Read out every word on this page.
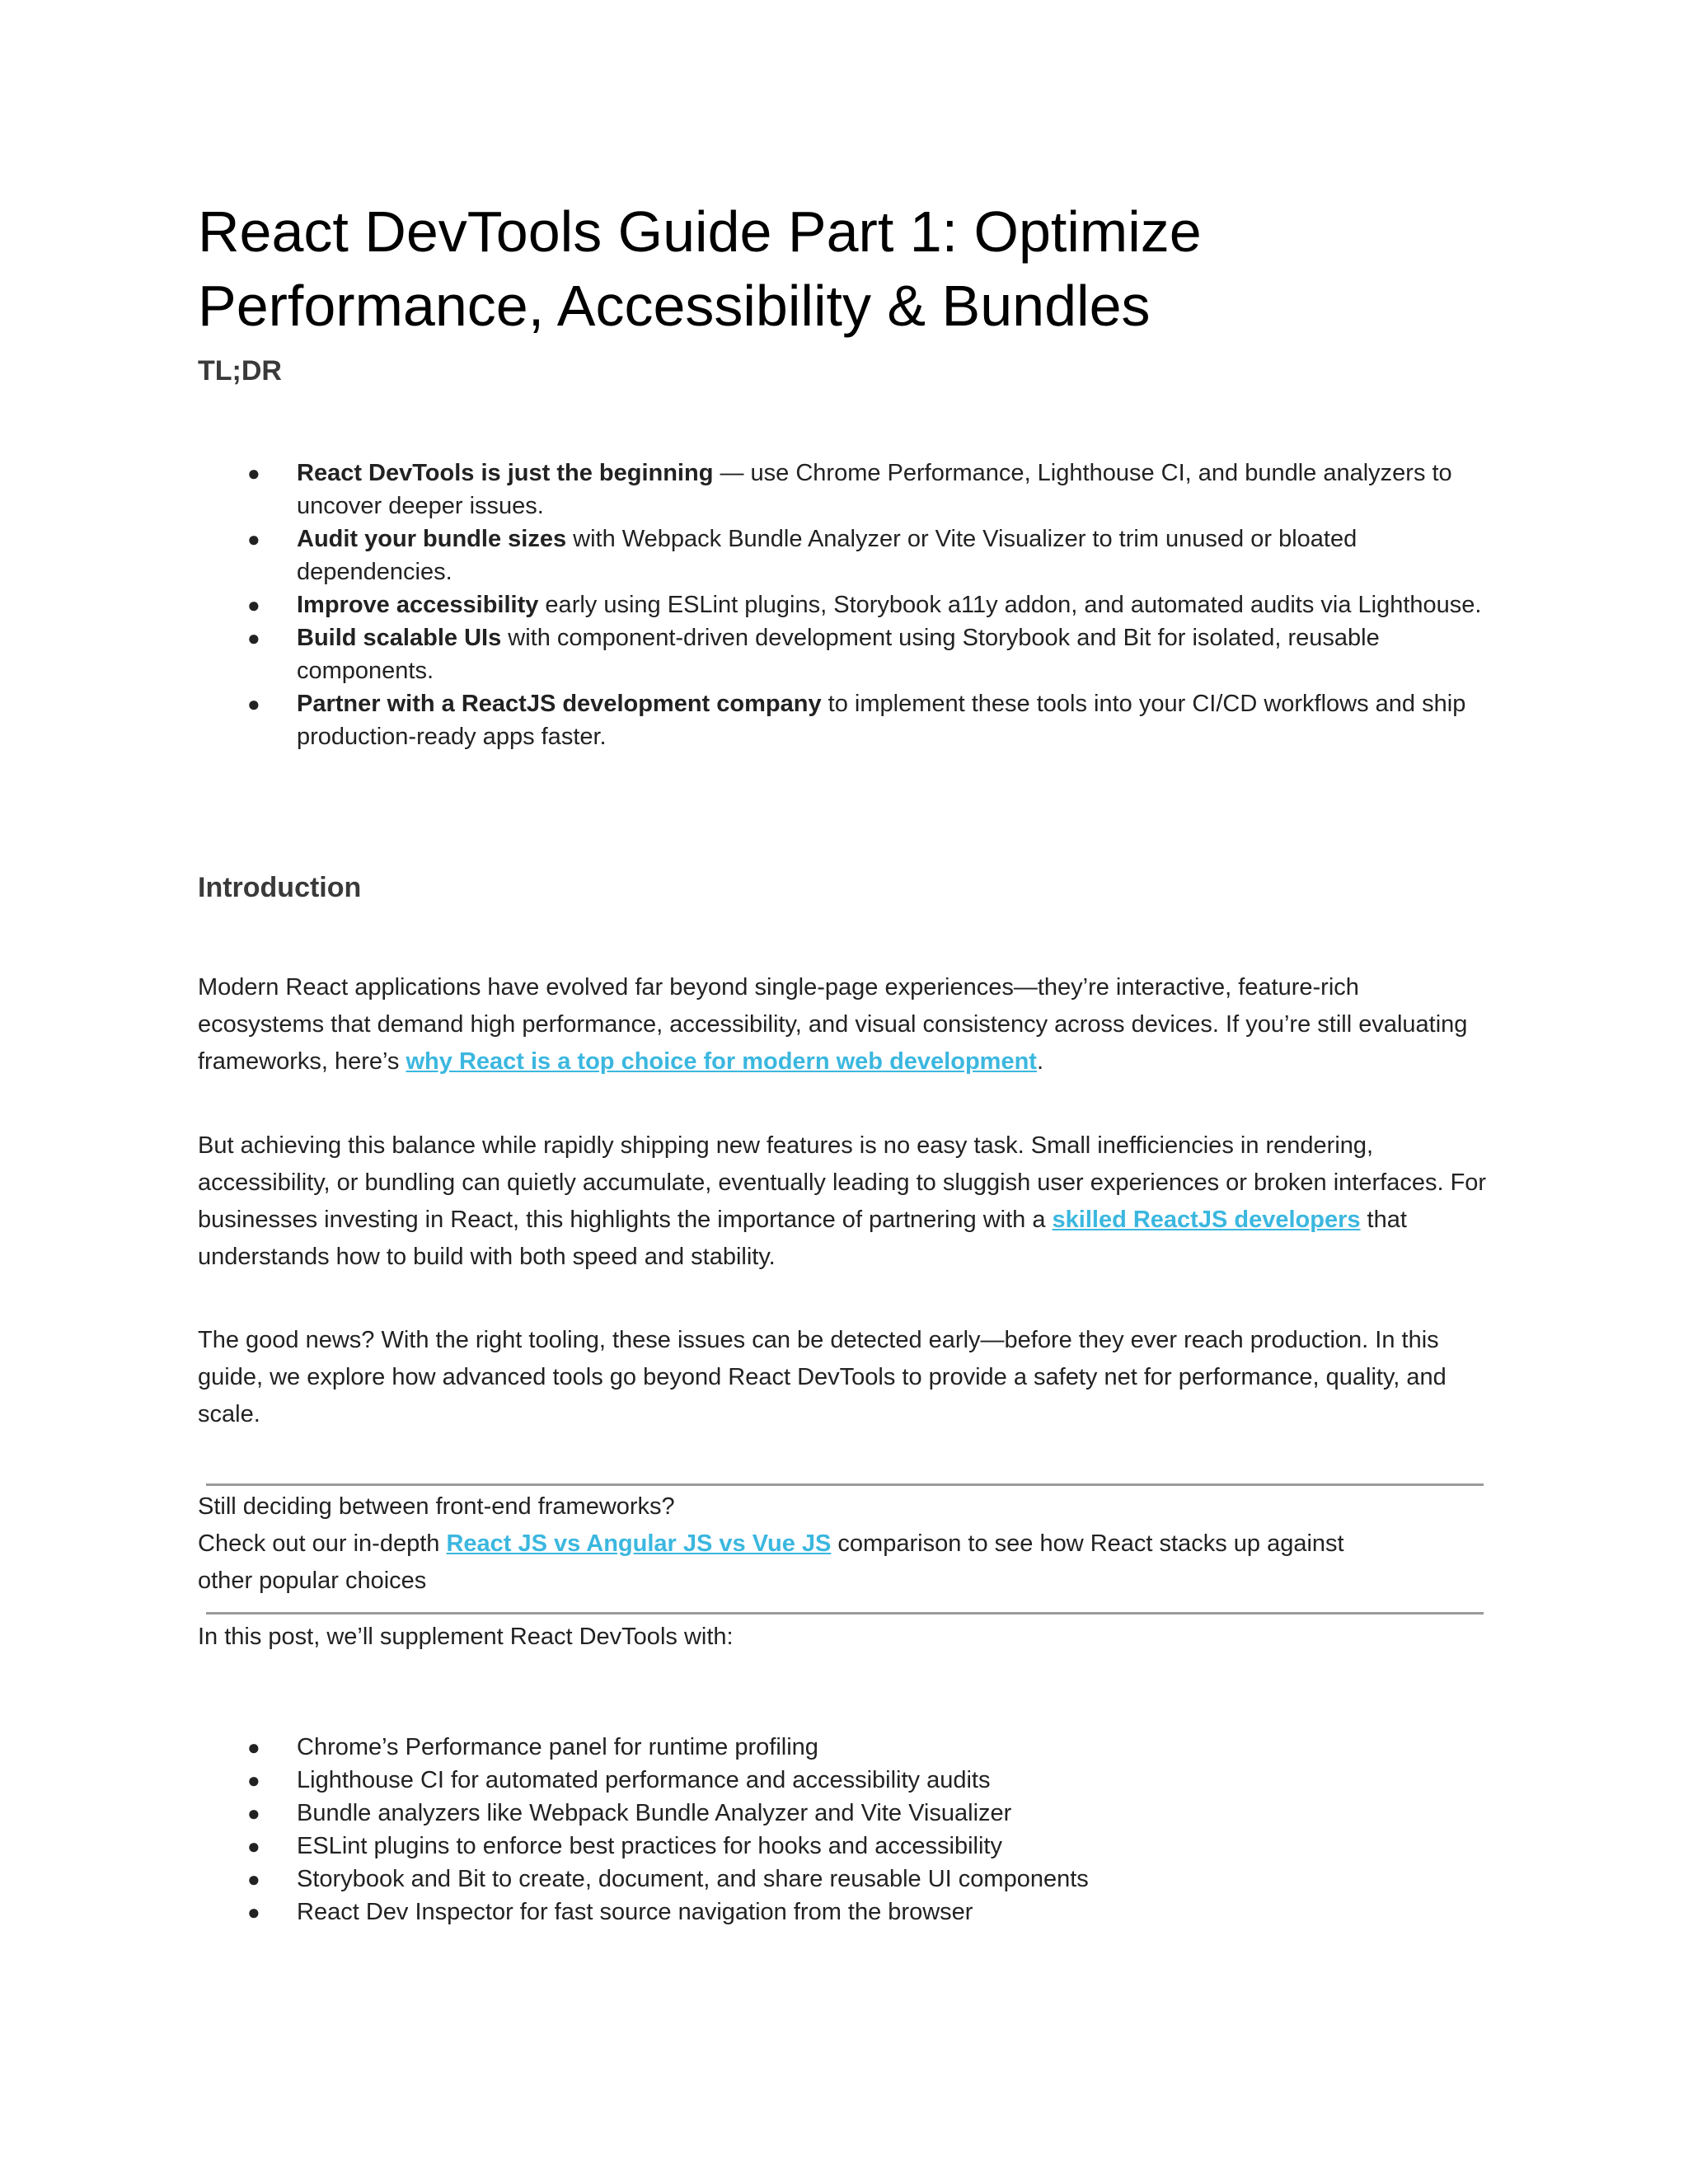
React DevTools Guide Part 1: Optimize Performance, Accessibility & Bundles
TL;DR
● React DevTools is just the beginning — use Chrome Performance, Lighthouse CI, and bundle analyzers to uncover deeper issues.
● Audit your bundle sizes with Webpack Bundle Analyzer or Vite Visualizer to trim unused or bloated dependencies.
● Improve accessibility early using ESLint plugins, Storybook a11y addon, and automated audits via Lighthouse.
● Build scalable UIs with component-driven development using Storybook and Bit for isolated, reusable components.
● Partner with a ReactJS development company to implement these tools into your CI/CD workflows and ship production-ready apps faster.
Introduction

Modern React applications have evolved far beyond single-page experiences—they’re interactive, feature-rich ecosystems that demand high performance, accessibility, and visual consistency across devices. If you’re still evaluating frameworks, here’s why React is a top choice for modern web development.

But achieving this balance while rapidly shipping new features is no easy task. Small inefficiencies in rendering, accessibility, or bundling can quietly accumulate, eventually leading to sluggish user experiences or broken interfaces. For businesses investing in React, this highlights the importance of partnering with a skilled ReactJS developers that understands how to build with both speed and stability.

The good news? With the right tooling, these issues can be detected early—before they ever reach production. In this guide, we explore how advanced tools go beyond React DevTools to provide a safety net for performance, quality, and scale.

Still deciding between front-end frameworks?
Check out our in-depth React JS vs Angular JS vs Vue JS comparison to see how React stacks up against
other popular choices
In this post, we’ll supplement React DevTools with:
● Chrome’s Performance panel for runtime profiling
● Lighthouse CI for automated performance and accessibility audits
● Bundle analyzers like Webpack Bundle Analyzer and Vite Visualizer
● ESLint plugins to enforce best practices for hooks and accessibility
● Storybook and Bit to create, document, and share reusable UI components
● React Dev Inspector for fast source navigation from the browser
